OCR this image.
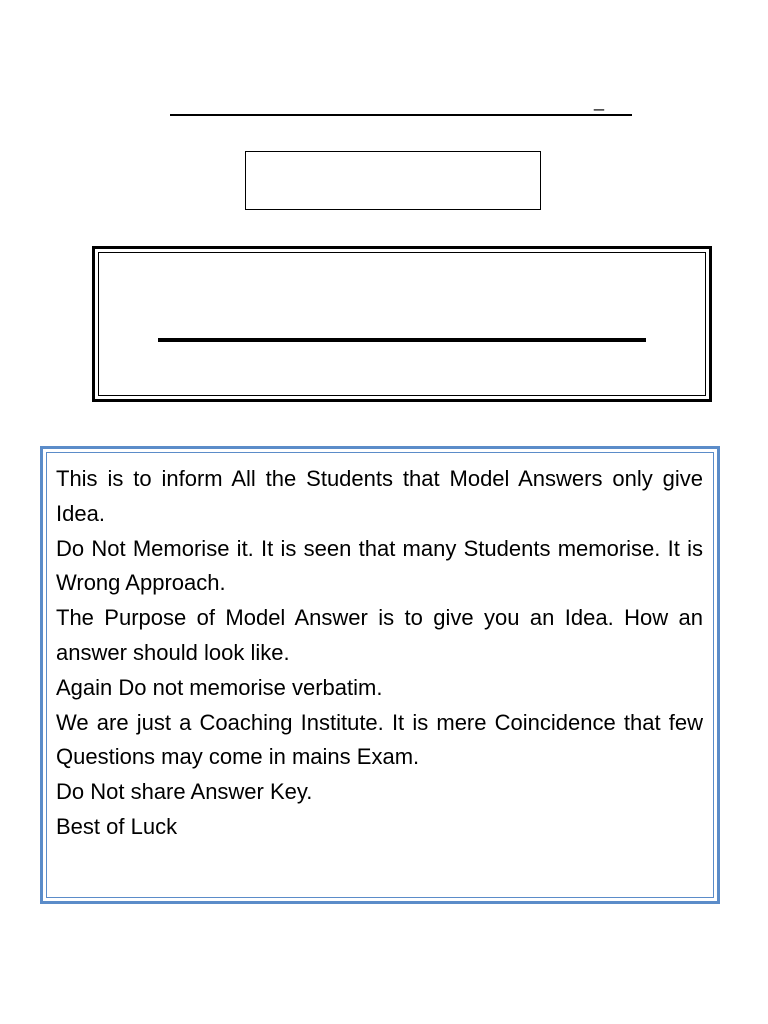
_

This is to inform All the Students that Model Answers only give Idea.

Do Not Memorise it. It is seen that many Students memorise. It is Wrong Approach.

The Purpose of Model Answer is to give you an Idea. How an answer should look like.

Again Do not memorise verbatim.

We are just a Coaching Institute. It is mere Coincidence that few Questions may come in mains Exam.

Do Not share Answer Key.

Best of Luck
